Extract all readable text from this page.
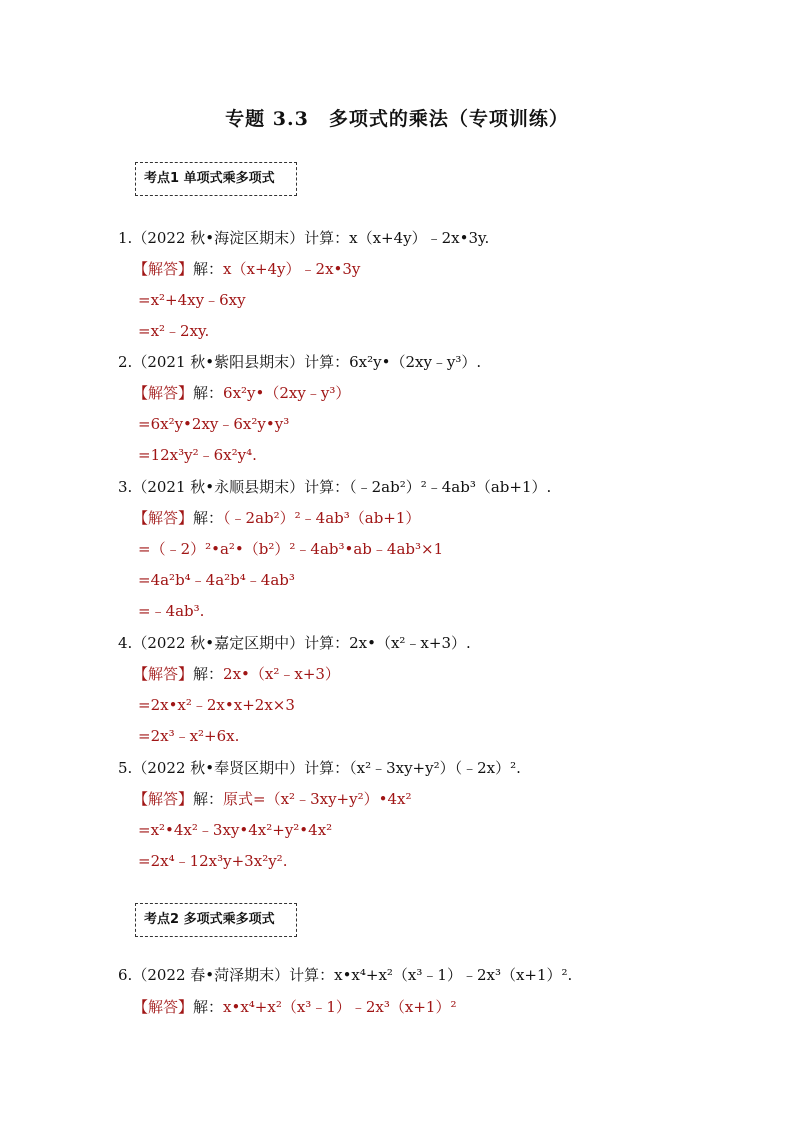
专题 3.3　多项式的乘法（专项训练）
考点1 单项式乘多项式
1.（2022 秋•海淀区期末）计算：x（x+4y）﹣2x•3y.
【解答】解：x（x+4y）﹣2x•3y
=x²+4xy﹣6xy
=x²﹣2xy.
2.（2021 秋•紫阳县期末）计算：6x²y•（2xy﹣y³）.
【解答】解：6x²y•（2xy﹣y³）
=6x²y•2xy﹣6x²y•y³
=12x³y²﹣6x²y⁴.
3.（2021 秋•永顺县期末）计算：（﹣2ab²）²﹣4ab³（ab+1）.
【解答】解：（﹣2ab²）²﹣4ab³（ab+1）
=（﹣2）²•a²•（b²）²﹣4ab³•ab﹣4ab³×1
=4a²b⁴﹣4a²b⁴﹣4ab³
=﹣4ab³.
4.（2022 秋•嘉定区期中）计算：2x•（x²﹣x+3）.
【解答】解：2x•（x²﹣x+3）
=2x•x²﹣2x•x+2x×3
=2x³﹣x²+6x.
5.（2022 秋•奉贤区期中）计算：（x²﹣3xy+y²）（﹣2x）².
【解答】解：原式=（x²﹣3xy+y²）•4x²
=x²•4x²﹣3xy•4x²+y²•4x²
=2x⁴﹣12x³y+3x²y².
考点2 多项式乘多项式
6.（2022 春•菏泽期末）计算：x•x⁴+x²（x³﹣1）﹣2x³（x+1）².
【解答】解：x•x⁴+x²（x³﹣1）﹣2x³（x+1）²
